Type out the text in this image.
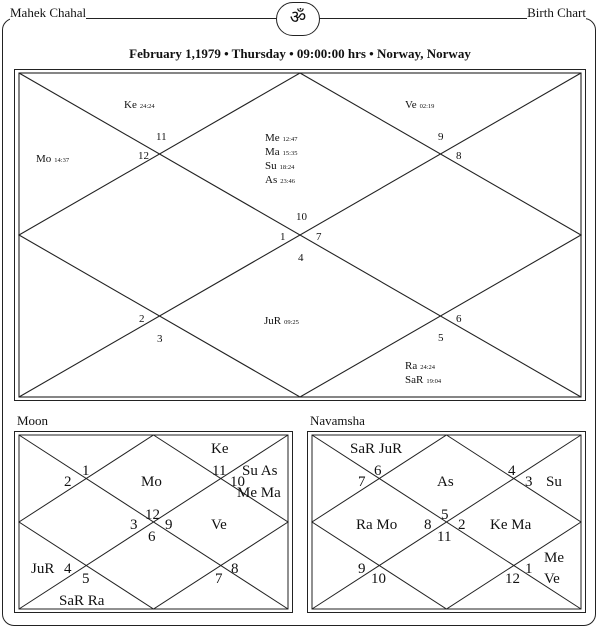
Mahek Chahal	Birth Chart
ॐ
February 1,1979 • Thursday • 09:00:00 hrs • Norway, Norway
10
11
12
1
2
3
4
5
6
7
8
9
Ke 24:24	Ve 02:19
Mo 14:37
Me 12:47
Ma 15:35
Su 18:24
As 23:46
JuR 09:25
Ra 24:24
SaR 19:04
Moon
1
2
11
10
12
3 9
6
4
5	7
8
Ke
Mo
Su As
Me Ma
Ve
JuR
SaR Ra
Navamsha
7
6	4
3
5
8 2
11
9
10
1
12
SaR JuR
As	Su
Ra Mo	Ke Ma
Me
Ve
